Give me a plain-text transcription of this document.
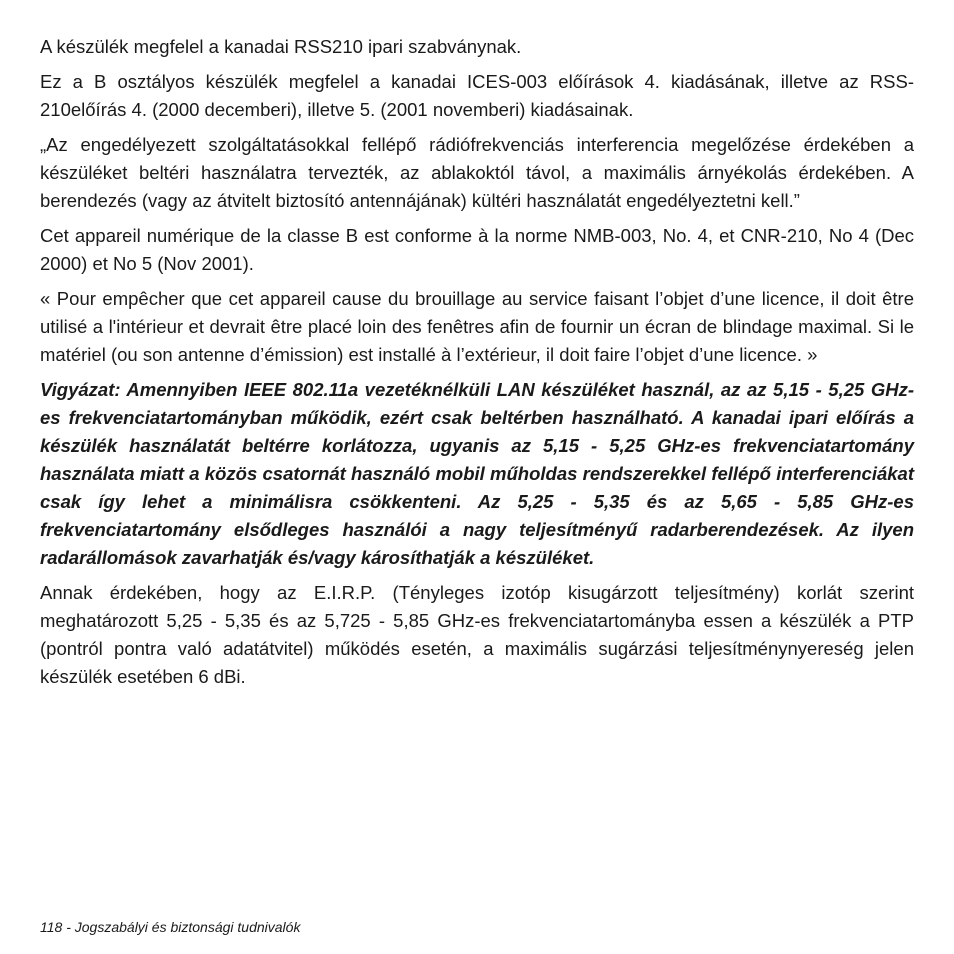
A készülék megfelel a kanadai RSS210 ipari szabványnak.

Ez a B osztályos készülék megfelel a kanadai ICES-003 előírások 4. kiadásának, illetve az RSS-210előírás 4. (2000 decemberi), illetve 5. (2001 novemberi) kiadásainak.

„Az engedélyezett szolgáltatásokkal fellépő rádiófrekvenciás interferencia megelőzése érdekében a készüléket beltéri használatra tervezték, az ablakoktól távol, a maximális árnyékolás érdekében. A berendezés (vagy az átvitelt biztosító antennájának) kültéri használatát engedélyeztetni kell.”

Cet appareil numérique de la classe B est conforme à la norme NMB-003, No. 4, et CNR-210, No 4 (Dec 2000) et No 5 (Nov 2001).

« Pour empêcher que cet appareil cause du brouillage au service faisant l’objet d’une licence, il doit être utilisé a l'intérieur et devrait être placé loin des fenêtres afin de fournir un écran de blindage maximal. Si le matériel (ou son antenne d’émission) est installé à l’extérieur, il doit faire l’objet d’une licence. »

Vigyázat: Amennyiben IEEE 802.11a vezetéknélküli LAN készüléket használ, az az 5,15 - 5,25 GHz-es frekvenciatartományban működik, ezért csak beltérben használható. A kanadai ipari előírás a készülék használatát beltérre korlátozza, ugyanis az 5,15 - 5,25 GHz-es frekvenciatartomány használata miatt a közös csatornát használó mobil műholdas rendszerekkel fellépő interferenciákat csak így lehet a minimálisra csökkenteni. Az 5,25 - 5,35 és az 5,65 - 5,85 GHz-es frekvenciatartomány elsődleges használói a nagy teljesítményű radarberendezések. Az ilyen radarállomások zavarhatják és/vagy károsíthatják a készüléket.

Annak érdekében, hogy az E.I.R.P. (Tényleges izotóp kisugárzott teljesítmény) korlát szerint meghatározott 5,25 - 5,35 és az 5,725 - 5,85 GHz-es frekvenciatartományba essen a készülék a PTP (pontról pontra való adatátvitel) működés esetén, a maximális sugárzási teljesítménynyereség jelen készülék esetében 6 dBi.

118 - Jogszabályi és biztonsági tudnivalók
